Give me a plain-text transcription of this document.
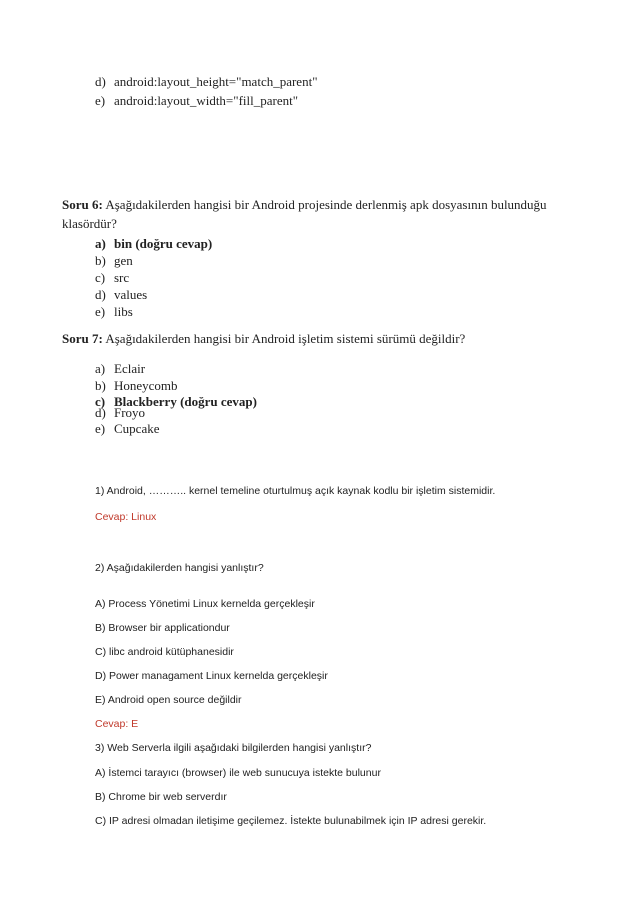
d) android:layout_height="match_parent"
e) android:layout_width="fill_parent"
Soru 6: Aşağıdakilerden hangisi bir Android projesinde derlenmiş apk dosyasının bulunduğu klasördür?
a) bin (doğru cevap)
b) gen
c) src
d) values
e) libs
Soru 7: Aşağıdakilerden hangisi bir Android işletim sistemi sürümü değildir?
a) Eclair
b) Honeycomb
c) Blackberry (doğru cevap)
d) Froyo
e) Cupcake
1) Android, ……….. kernel temeline oturtulmuş açık kaynak kodlu bir işletim sistemidir.
Cevap: Linux
2) Aşağıdakilerden hangisi yanlıştır?
A) Process Yönetimi Linux kernelda gerçekleşir
B) Browser bir applicationdur
C) libc android kütüphanesidir
D) Power managament Linux kernelda gerçekleşir
E) Android open source değildir
Cevap: E
3) Web Serverla ilgili aşağıdaki bilgilerden hangisi yanlıştır?
A) İstemci tarayıcı (browser) ile web sunucuya istekte bulunur
B) Chrome bir web serverdır
C) IP adresi olmadan iletişime geçilemez. İstekte bulunabilmek için IP adresi gerekir.
